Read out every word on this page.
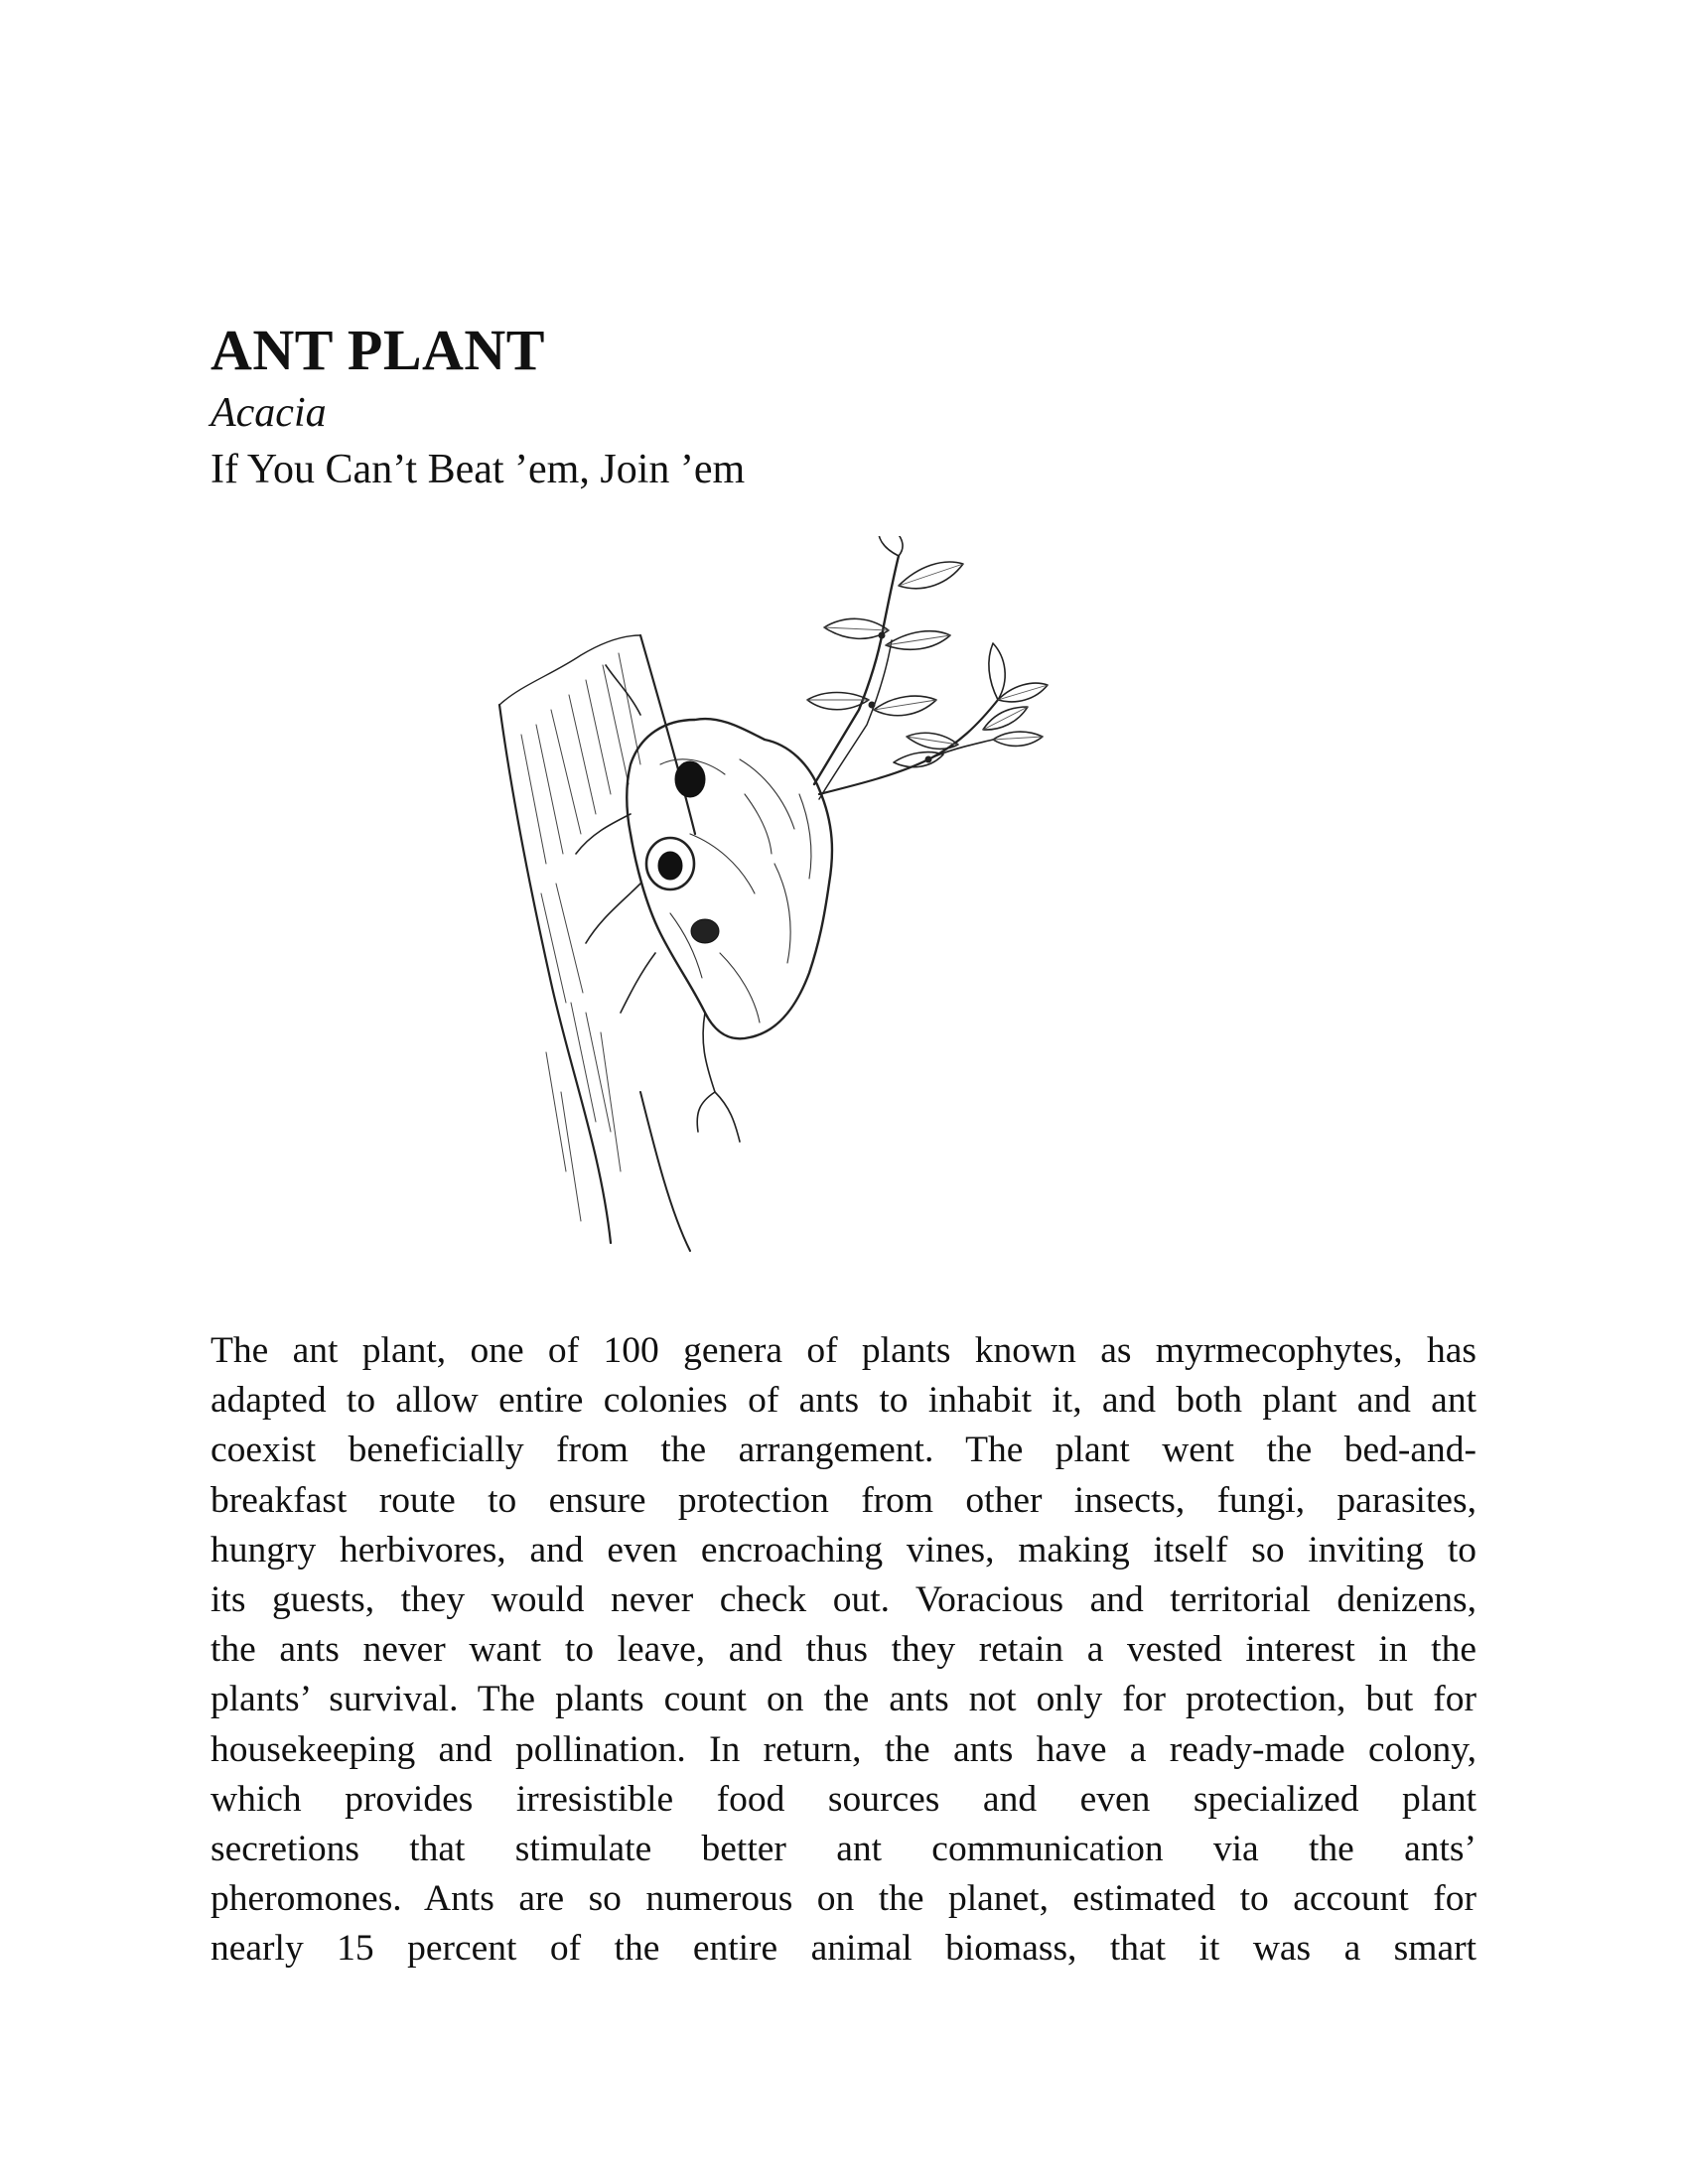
ANT PLANT

Acacia

If You Can’t Beat ’em, Join ’em

The ant plant, one of 100 genera of plants known as myrmecophytes, has
adapted to allow entire colonies of ants to inhabit it, and both plant and ant
coexist beneficially from the arrangement. The plant went the bed-and-
breakfast route to ensure protection from other insects, fungi, parasites,
hungry herbivores, and even encroaching vines, making itself so inviting to
its guests, they would never check out. Voracious and territorial denizens,
the ants never want to leave, and thus they retain a vested interest in the
plants’ survival. The plants count on the ants not only for protection, but for
housekeeping and pollination. In return, the ants have a ready-made colony,
which provides irresistible food sources and even specialized plant
secretions that stimulate better ant communication via the ants’
pheromones. Ants are so numerous on the planet, estimated to account for
nearly 15 percent of the entire animal biomass, that it was a smart
